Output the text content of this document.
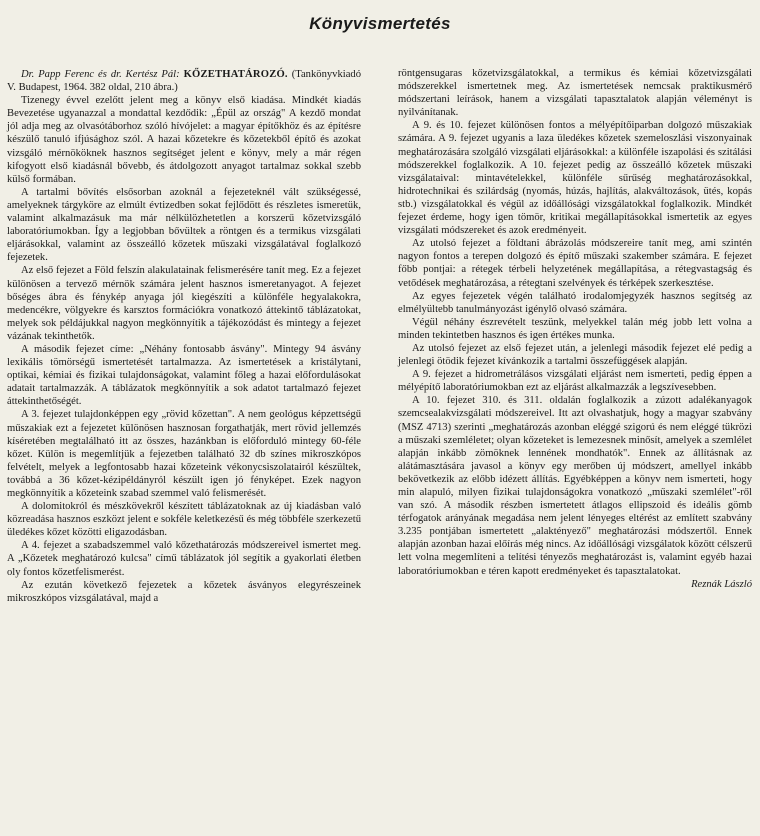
Könyvismertetés

Dr. Papp Ferenc és dr. Kertész Pál: KŐZETHATÁROZÓ. (Tankönyvkiadó V. Budapest, 1964. 382 oldal, 210 ábra.)

Tizenegy évvel ezelőtt jelent meg a könyv első kiadása. Mindkét kiadás Bevezetése ugyanazzal a mondattal kezdődik: „Épül az ország" A kezdő mondat jól adja meg az olvasótáborhoz szóló hívójelet: a magyar építőkhöz és az építésre készülő tanuló ifjúsághoz szól. A hazai kőzetekre és kőzetekből építő és azokat vizsgáló mérnököknek hasznos segítséget jelent e könyv, mely a már régen kifogyott első kiadásnál bővebb, és átdolgozott anyagot tartalmaz sokkal szebb külső formában.

A tartalmi bővítés elsősorban azoknál a fejezeteknél vált szükségessé, amelyeknek tárgyköre az elmúlt évtizedben sokat fejlődött és részletes ismeretük, valamint alkalmazásuk ma már nélkülözhetetlen a korszerű kőzetvizsgáló laboratóriumokban. Így a legjobban bővültek a röntgen és a termikus vizsgálati eljárásokkal, valamint az összeálló kőzetek műszaki vizsgálatával foglalkozó fejezetek.

Az első fejezet a Föld felszín alakulatainak felismerésére tanít meg. Ez a fejezet különösen a tervező mérnök számára jelent hasznos ismeretanyagot. A fejezet bőséges ábra és fénykép anyaga jól kiegészíti a különféle hegyalakokra, medencékre, völgyekre és karsztos formációkra vonatkozó áttekintő táblázatokat, melyek sok példájukkal nagyon megkönnyítik a tájékozódást és mintegy a fejezet vázának tekinthetők.

A második fejezet címe: „Néhány fontosabb ásvány". Mintegy 94 ásvány lexikális tömörségű ismertetését tartalmazza. Az ismertetések a kristálytani, optikai, kémiai és fizikai tulajdonságokat, valamint főleg a hazai előfordulásokat adatait tartalmazzák. A táblázatok megkönnyítik a sok adatot tartalmazó fejezet áttekinthetőségét.

A 3. fejezet tulajdonképpen egy „rövid kőzettan". A nem geológus képzettségű műszakiak ezt a fejezetet különösen hasznosan forgathatják, mert rövid jellemzés kíséretében megtalálható itt az összes, hazánkban is előforduló mintegy 60-féle kőzet. Külön is megemlítjük a fejezetben található 32 db színes mikroszkópos felvételt, melyek a legfontosabb hazai kőzeteink vékonycsiszolatairól készültek, továbbá a 36 kőzet-kézipéldányról készült igen jó fényképet. Ezek nagyon megkönnyítik a kőzeteink szabad szemmel való felismerését.

A dolomitokról és mészkövekről készített táblázatoknak az új kiadásban való közreadása hasznos eszközt jelent e sokféle keletkezésű és még többféle szerkezetű üledékes kőzet közötti eligazodásban.

A 4. fejezet a szabadszemmel való kőzethatározás módszereivel ismertet meg. A „Kőzetek meghatározó kulcsa" című táblázatok jól segítik a gyakorlati életben oly fontos kőzetfelismerést.

Az ezután következő fejezetek a kőzetek ásványos elegyrészeinek mikroszkópos vizsgálatával, majd a

röntgensugaras kőzetvizsgálatokkal, a termikus és kémiai kőzetvizsgálati módszerekkel ismertetnek meg. Az ismertetések nemcsak praktikusmérő módszertani leírások, hanem a vizsgálati tapasztalatok alapján véleményt is nyilvánítanak.

A 9. és 10. fejezet különösen fontos a mélyépítőiparban dolgozó műszakiak számára. A 9. fejezet ugyanis a laza üledékes kőzetek szemeloszlási viszonyainak meghatározására szolgáló vizsgálati eljárásokkal: a különféle iszapolási és szitálási módszerekkel foglalkozik. A 10. fejezet pedig az összeálló kőzetek műszaki vizsgálataival: mintavételekkel, különféle sűrűség meghatározásokkal, hidrotechnikai és szilárdság (nyomás, húzás, hajlítás, alakváltozások, ütés, kopás stb.) vizsgálatokkal és végül az időállósági vizsgálatokkal foglalkozik. Mindkét fejezet érdeme, hogy igen tömör, kritikai megállapításokkal ismertetik az egyes vizsgálati módszereket és azok eredményeit.

Az utolsó fejezet a földtani ábrázolás módszereire tanít meg, ami szintén nagyon fontos a terepen dolgozó és építő műszaki szakember számára. E fejezet főbb pontjai: a rétegek térbeli helyzetének megállapítása, a rétegvastagság és vetődések meghatározása, a rétegtani szelvények és térképek szerkesztése.

Az egyes fejezetek végén található irodalomjegyzék hasznos segítség az elmélyültebb tanulmányozást igénylő olvasó számára.

Végül néhány észrevételt teszünk, melyekkel talán még jobb lett volna a minden tekintetben hasznos és igen értékes munka.

Az utolsó fejezet az első fejezet után, a jelenlegi második fejezet elé pedig a jelenlegi ötödik fejezet kívánkozik a tartalmi összefüggések alapján.

A 9. fejezet a hidrometrálásos vizsgálati eljárást nem ismerteti, pedig éppen a mélyépítő laboratóriumokban ezt az eljárást alkalmazzák a legszívesebben.

A 10. fejezet 310. és 311. oldalán foglalkozik a zúzott adalékanyagok szemcsealakvizsgálati módszereivel. Itt azt olvashatjuk, hogy a magyar szabvány (MSZ 4713) szerinti „meghatározás azonban eléggé szigorú és nem eléggé tükrözi a műszaki szemléletet; olyan kőzeteket is lemezesnek minősít, amelyek a szemlélet alapján inkább zömöknek lennének mondhatók". Ennek az állításnak az alátámasztására javasol a könyv egy merőben új módszert, amellyel inkább bekövetkezik az előbb idézett állítás. Egyébképpen a könyv nem ismerteti, hogy min alapuló, milyen fizikai tulajdonságokra vonatkozó „műszaki szemlélet"-ről van szó. A második részben ismertetett átlagos ellipszoid és ideális gömb térfogatok arányának megadása nem jelent lényeges eltérést az említett szabvány 3.235 pontjában ismertetett „alaktényező" meghatározási módszertől. Ennek alapján azonban hazai előírás még nincs. Az időállósági vizsgálatok között célszerű lett volna megemlíteni a telítési tényezős meghatározást is, valamint egyéb hazai laboratóriumokban e téren kapott eredményeket és tapasztalatokat.

Reznák László
